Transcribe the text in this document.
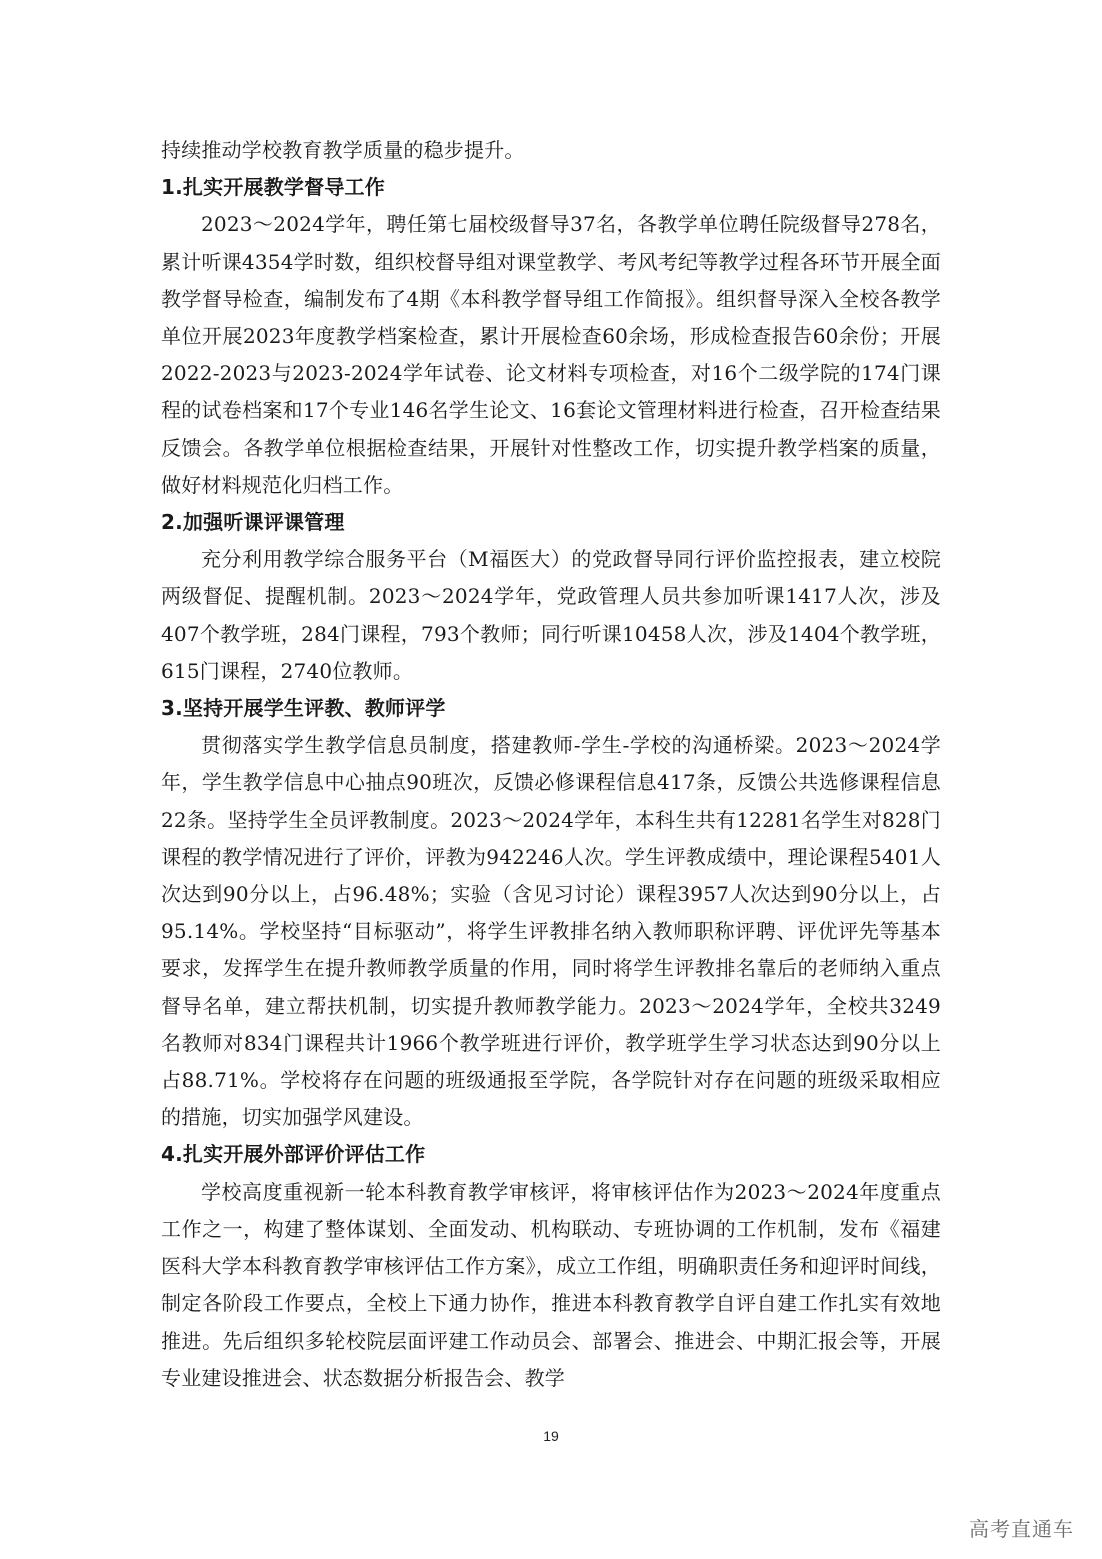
持续推动学校教育教学质量的稳步提升。

1.扎实开展教学督导工作

2023～2024学年，聘任第七届校级督导37名，各教学单位聘任院级督导278名，累计听课4354学时数，组织校督导组对课堂教学、考风考纪等教学过程各环节开展全面教学督导检查，编制发布了4期《本科教学督导组工作简报》。组织督导深入全校各教学单位开展2023年度教学档案检查，累计开展检查60余场，形成检查报告60余份；开展2022-2023与2023-2024学年试卷、论文材料专项检查，对16个二级学院的174门课程的试卷档案和17个专业146名学生论文、16套论文管理材料进行检查，召开检查结果反馈会。各教学单位根据检查结果，开展针对性整改工作，切实提升教学档案的质量，做好材料规范化归档工作。

2.加强听课评课管理

充分利用教学综合服务平台（M福医大）的党政督导同行评价监控报表，建立校院两级督促、提醒机制。2023～2024学年，党政管理人员共参加听课1417人次，涉及407个教学班，284门课程，793个教师；同行听课10458人次，涉及1404个教学班，615门课程，2740位教师。

3.坚持开展学生评教、教师评学

贯彻落实学生教学信息员制度，搭建教师-学生-学校的沟通桥梁。2023～2024学年，学生教学信息中心抽点90班次，反馈必修课程信息417条，反馈公共选修课程信息22条。坚持学生全员评教制度。2023～2024学年，本科生共有12281名学生对828门课程的教学情况进行了评价，评教为942246人次。学生评教成绩中，理论课程5401人次达到90分以上，占96.48%；实验（含见习讨论）课程3957人次达到90分以上，占95.14%。学校坚持“目标驱动”，将学生评教排名纳入教师职称评聘、评优评先等基本要求，发挥学生在提升教师教学质量的作用，同时将学生评教排名靠后的老师纳入重点督导名单，建立帮扶机制，切实提升教师教学能力。2023～2024学年，全校共3249名教师对834门课程共计1966个教学班进行评价，教学班学生学习状态达到90分以上占88.71%。学校将存在问题的班级通报至学院，各学院针对存在问题的班级采取相应的措施，切实加强学风建设。

4.扎实开展外部评价评估工作

学校高度重视新一轮本科教育教学审核评，将审核评估作为2023～2024年度重点工作之一，构建了整体谋划、全面发动、机构联动、专班协调的工作机制，发布《福建医科大学本科教育教学审核评估工作方案》，成立工作组，明确职责任务和迎评时间线，制定各阶段工作要点，全校上下通力协作，推进本科教育教学自评自建工作扎实有效地推进。先后组织多轮校院层面评建工作动员会、部署会、推进会、中期汇报会等，开展专业建设推进会、状态数据分析报告会、教学

19
高考直通车
